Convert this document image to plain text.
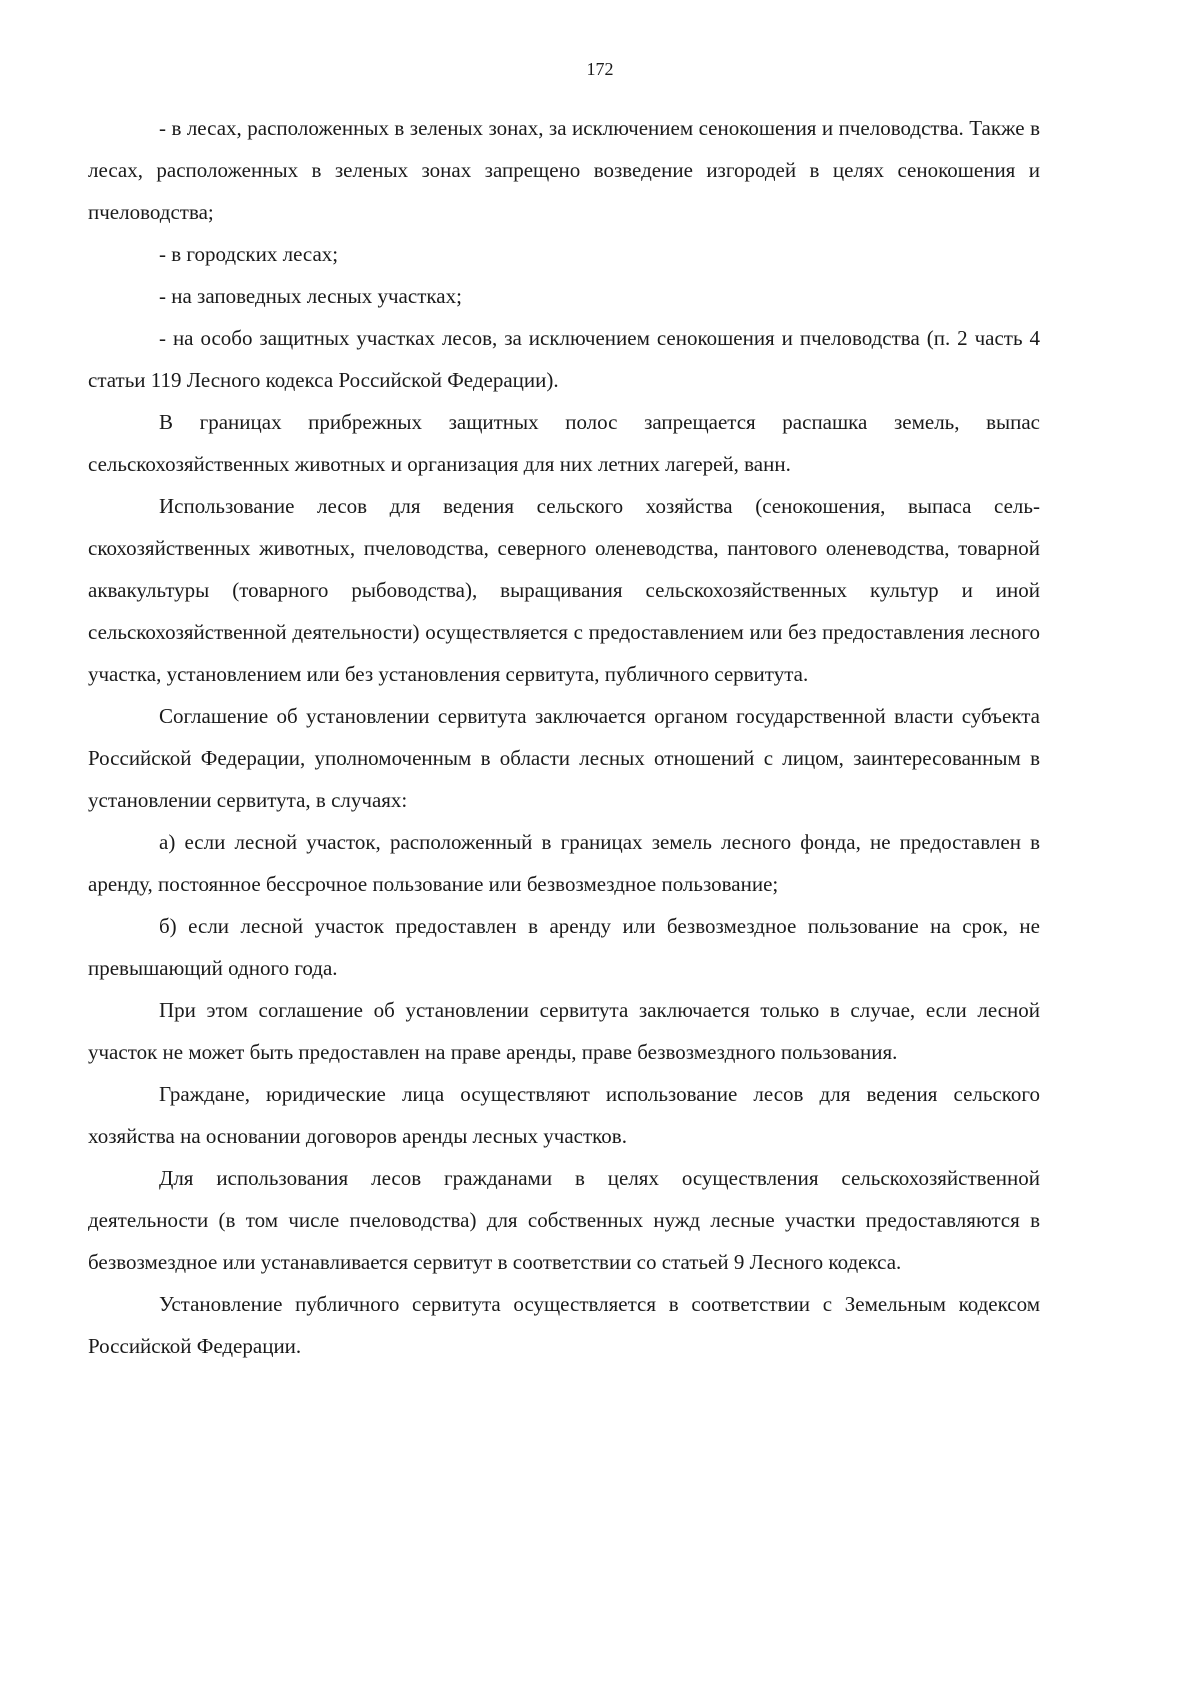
172

- в лесах, расположенных в зеленых зонах, за исключением сенокошения и пчеловодства. Также в лесах, расположенных в зеленых зонах запрещено возведение изгородей в целях сенокошения и пчеловодства;

- в городских лесах;

- на заповедных лесных участках;

- на особо защитных участках лесов, за исключением сенокошения и пчеловодства (п. 2 часть 4 статьи 119 Лесного кодекса Российской Федерации).

В границах прибрежных защитных полос запрещается распашка земель, выпас сельскохозяйственных животных и организация для них летних лагерей, ванн.

Использование лесов для ведения сельского хозяйства (сенокошения, выпаса сельскохозяйственных животных, пчеловодства, северного оленеводства, пантового оленеводства, товарной аквакультуры (товарного рыбоводства), выращивания сельскохозяйственных культур и иной сельскохозяйственной деятельности) осуществляется с предоставлением или без предоставления лесного участка, установлением или без установления сервитута, публичного сервитута.

Соглашение об установлении сервитута заключается органом государственной власти субъекта Российской Федерации, уполномоченным в области лесных отношений с лицом, заинтересованным в установлении сервитута, в случаях:

а) если лесной участок, расположенный в границах земель лесного фонда, не предоставлен в аренду, постоянное бессрочное пользование или безвозмездное пользование;

б) если лесной участок предоставлен в аренду или безвозмездное пользование на срок, не превышающий одного года.

При этом соглашение об установлении сервитута заключается только в случае, если лесной участок не может быть предоставлен на праве аренды, праве безвозмездного пользования.

Граждане, юридические лица осуществляют использование лесов для ведения сельского хозяйства на основании договоров аренды лесных участков.

Для использования лесов гражданами в целях осуществления сельскохозяйственной деятельности (в том числе пчеловодства) для собственных нужд лесные участки предоставляются в безвозмездное или устанавливается сервитут в соответствии со статьей 9 Лесного кодекса.

Установление публичного сервитута осуществляется в соответствии с Земельным кодексом Российской Федерации.
